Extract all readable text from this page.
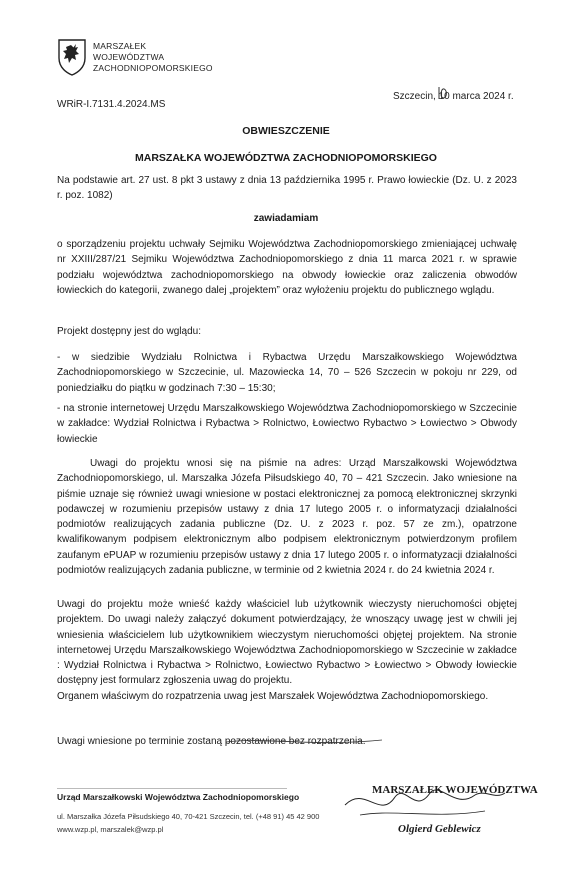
MARSZAŁEK
WOJEWÓDZTWA
ZACHODNIOPOMORSKIEGO
WRiR-I.7131.4.2024.MS
Szczecin, 10 marca 2024 r.
OBWIESZCZENIE
MARSZAŁKA WOJEWÓDZTWA ZACHODNIOPOMORSKIEGO
Na podstawie art. 27 ust. 8 pkt 3 ustawy z dnia 13 października 1995 r. Prawo łowieckie (Dz. U. z 2023 r. poz. 1082)
zawiadamiam
o sporządzeniu projektu uchwały Sejmiku Województwa Zachodniopomorskiego zmieniającej uchwałę nr XXIII/287/21 Sejmiku Województwa Zachodniopomorskiego z dnia 11 marca 2021 r. w sprawie podziału województwa zachodniopomorskiego na obwody łowieckie oraz zaliczenia obwodów łowieckich do kategorii, zwanego dalej „projektem” oraz wyłożeniu projektu do publicznego wglądu.
Projekt dostępny jest do wglądu:
- w siedzibie Wydziału Rolnictwa i Rybactwa Urzędu Marszałkowskiego Województwa Zachodniopomorskiego w Szczecinie, ul. Mazowiecka 14, 70 – 526 Szczecin w pokoju nr 229, od poniedziałku do piątku w godzinach 7:30 – 15:30;
- na stronie internetowej Urzędu Marszałkowskiego Województwa Zachodniopomorskiego w Szczecinie w zakładce: Wydział Rolnictwa i Rybactwa > Rolnictwo, Łowiectwo Rybactwo > Łowiectwo > Obwody łowieckie
Uwagi do projektu wnosi się na piśmie na adres: Urząd Marszałkowski Województwa Zachodniopomorskiego, ul. Marszałka Józefa Piłsudskiego 40, 70 – 421 Szczecin. Jako wniesione na piśmie uznaje się również uwagi wniesione w postaci elektronicznej za pomocą elektronicznej skrzynki podawczej w rozumieniu przepisów ustawy z dnia 17 lutego 2005 r. o informatyzacji działalności podmiotów realizujących zadania publiczne (Dz. U. z 2023 r. poz. 57 ze zm.), opatrzone kwalifikowanym podpisem elektronicznym albo podpisem elektronicznym potwierdzonym profilem zaufanym ePUAP w rozumieniu przepisów ustawy z dnia 17 lutego 2005 r. o informatyzacji działalności podmiotów realizujących zadania publiczne, w terminie od 2 kwietnia 2024 r. do 24 kwietnia 2024 r.
Uwagi do projektu może wnieść każdy właściciel lub użytkownik wieczysty nieruchomości objętej projektem. Do uwagi należy załączyć dokument potwierdzający, że wnoszący uwagę jest w chwili jej wniesienia właścicielem lub użytkownikiem wieczystym nieruchomości objętej projektem. Na stronie internetowej Urzędu Marszałkowskiego Województwa Zachodniopomorskiego w Szczecinie w zakładce : Wydział Rolnictwa i Rybactwa > Rolnictwo, Łowiectwo Rybactwo > Łowiectwo > Obwody łowieckie dostępny jest formularz zgłoszenia uwag do projektu.
Organem właściwym do rozpatrzenia uwag jest Marszałek Województwa Zachodniopomorskiego.
Uwagi wniesione po terminie zostaną pozostawione bez rozpatrzenia.
Urząd Marszałkowski Województwa Zachodniopomorskiego
ul. Marszałka Józefa Piłsudskiego 40, 70-421 Szczecin, tel. (+48 91) 45 42 900
www.wzp.pl, marszalek@wzp.pl
MARSZAŁEK WOJEWÓDZTWA
Olgierd Geblewicz
